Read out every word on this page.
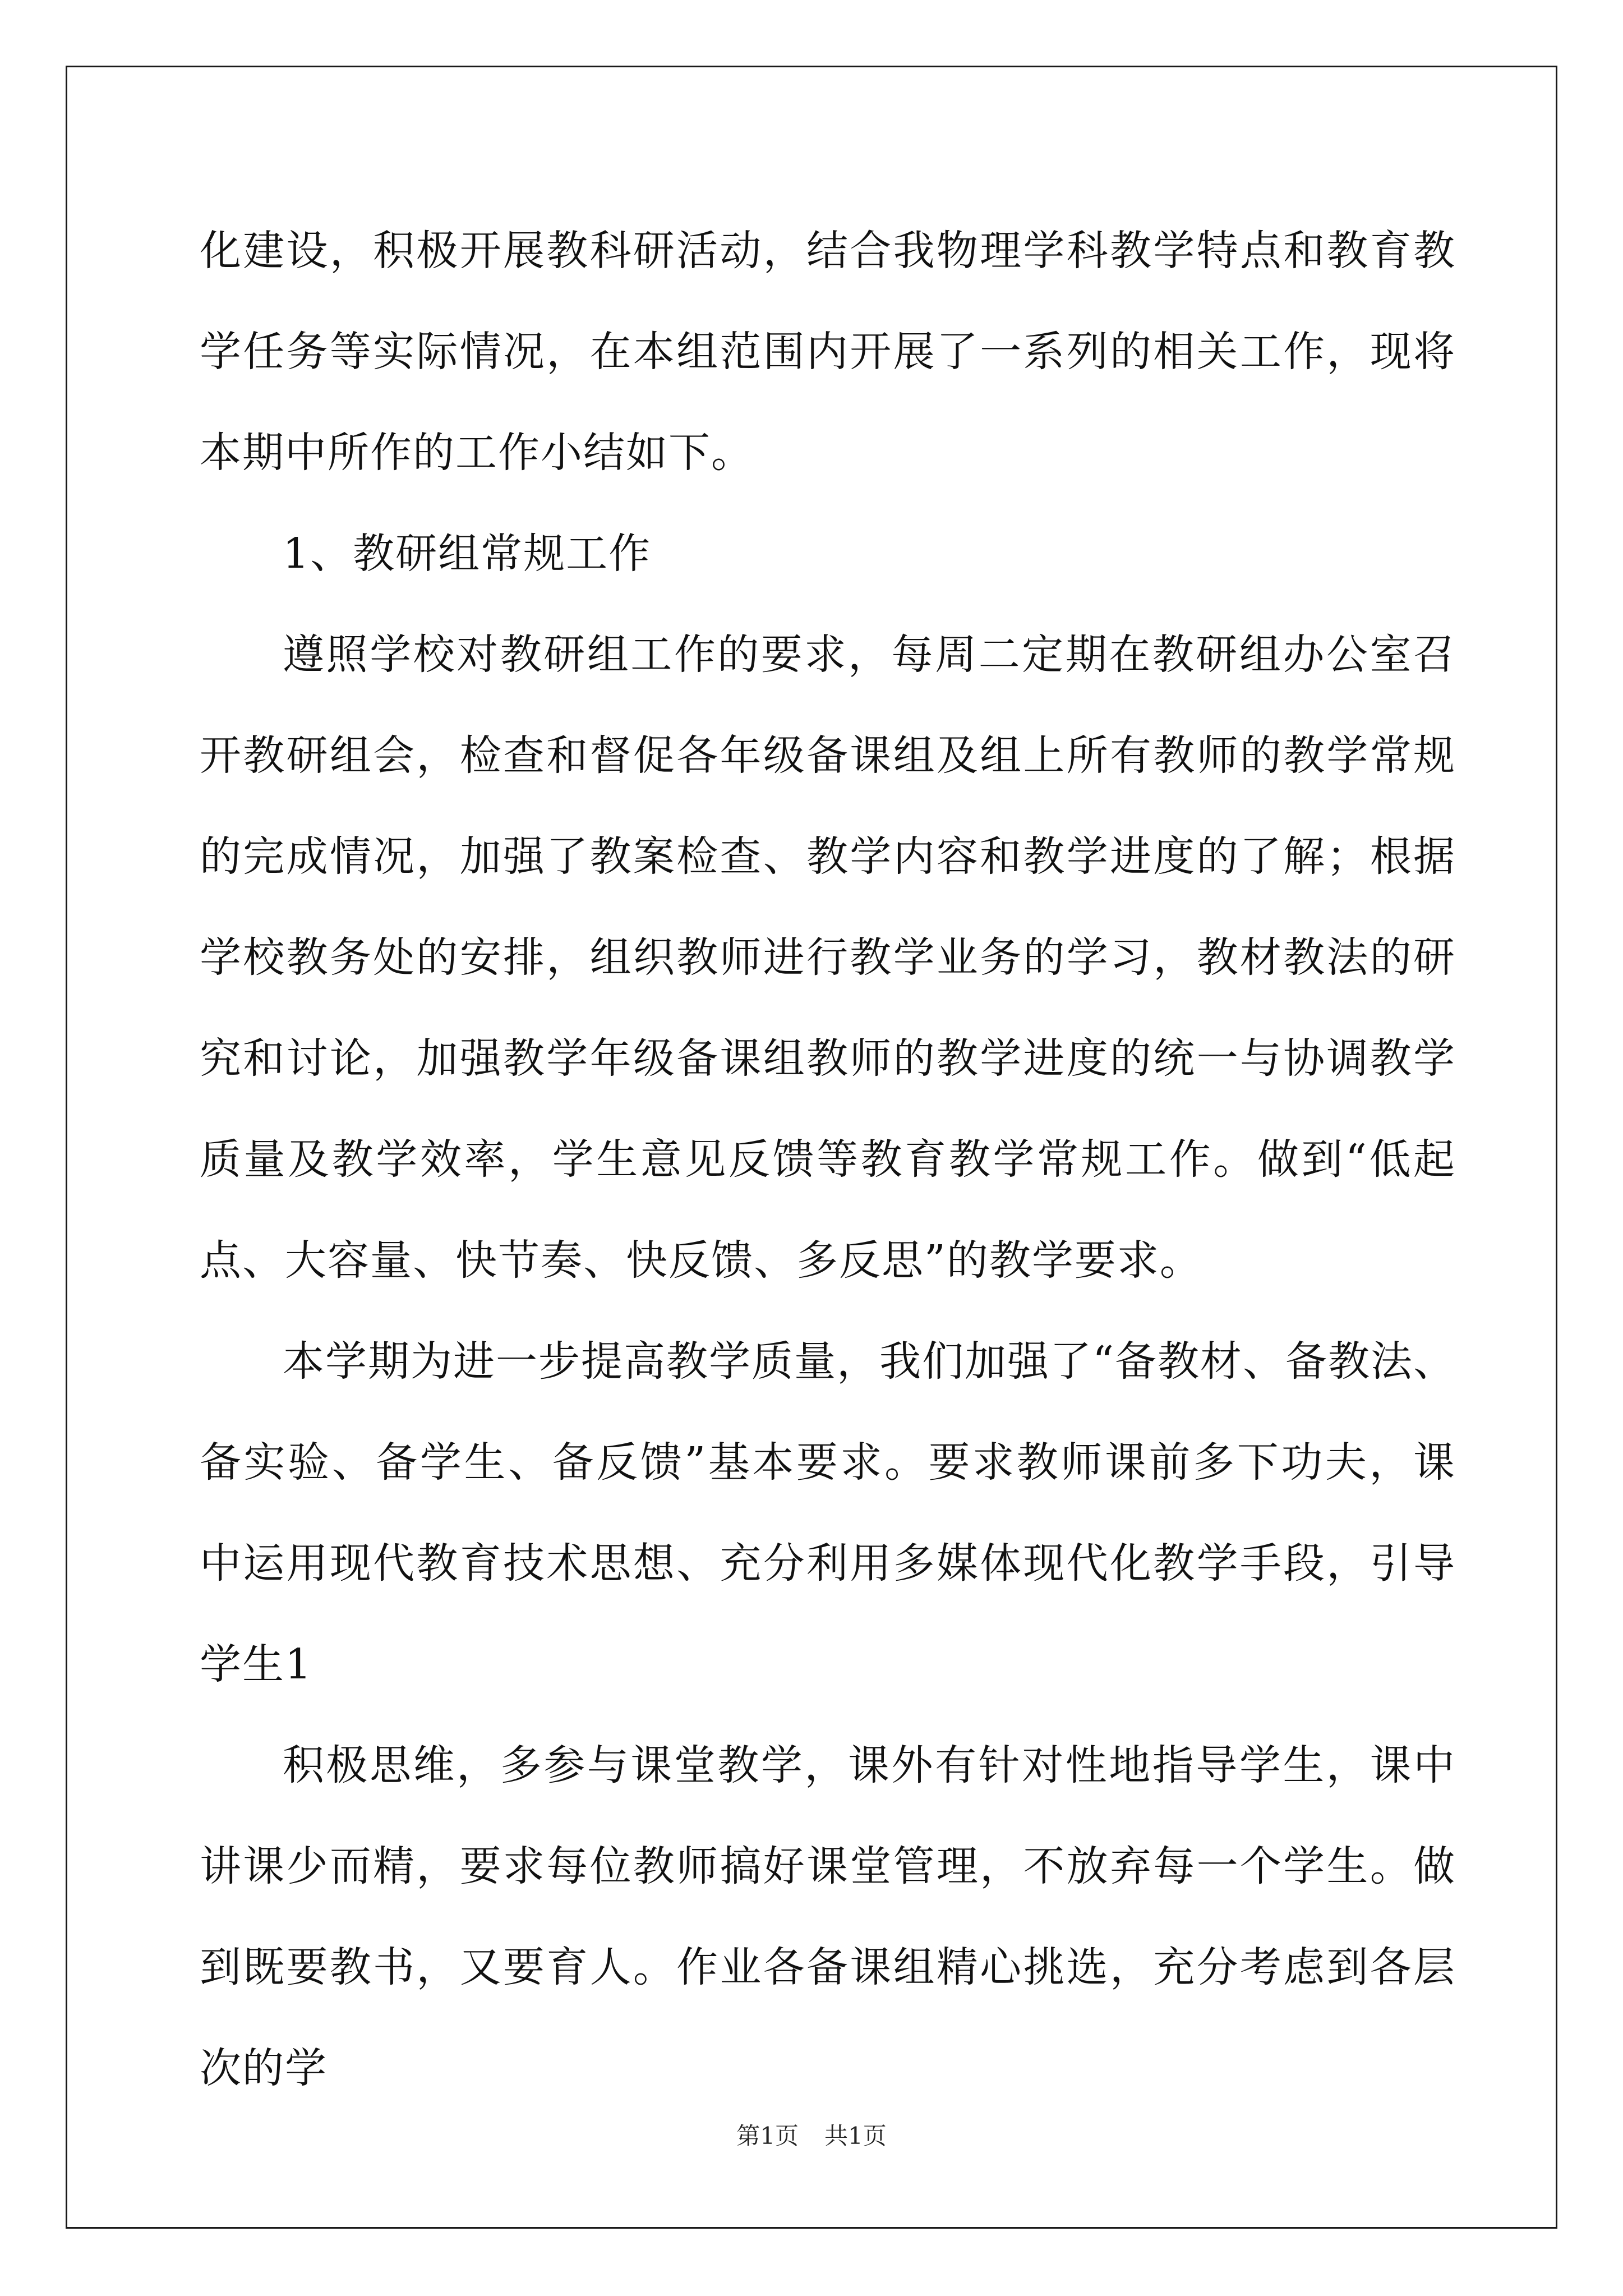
化建设，积极开展教科研活动，结合我物理学科教学特点和教育教学任务等实际情况，在本组范围内开展了一系列的相关工作，现将本期中所作的工作小结如下。

1、教研组常规工作

遵照学校对教研组工作的要求，每周二定期在教研组办公室召开教研组会，检查和督促各年级备课组及组上所有教师的教学常规的完成情况，加强了教案检查、教学内容和教学进度的了解；根据学校教务处的安排，组织教师进行教学业务的学习，教材教法的研究和讨论，加强教学年级备课组教师的教学进度的统一与协调教学质量及教学效率，学生意见反馈等教育教学常规工作。做到“低起点、大容量、快节奏、快反馈、多反思”的教学要求。

本学期为进一步提高教学质量，我们加强了“备教材、备教法、备实验、备学生、备反馈”基本要求。要求教师课前多下功夫，课中运用现代教育技术思想、充分利用多媒体现代化教学手段，引导学生1

积极思维，多参与课堂教学，课外有针对性地指导学生，课中讲课少而精，要求每位教师搞好课堂管理，不放弃每一个学生。做到既要教书，又要育人。作业各备课组精心挑选，充分考虑到各层次的学

第1页 共1页
